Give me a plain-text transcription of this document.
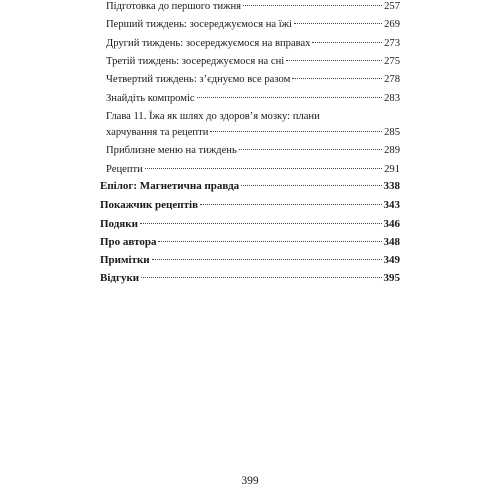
Підготовка до першого тижня	257
Перший тиждень: зосереджуємося на їжі	269
Другий тиждень: зосереджуємося на вправах	273
Третій тиждень: зосереджуємося на сні	275
Четвертий тиждень: з’єднуємо все разом	278
Знайдіть компроміс	283
Глава 11. Їжа як шлях до здоров’я мозку: плани
харчування та рецепти	285
Приблизне меню на тиждень	289
Рецепти	291
Епілог: Магнетична правда	338
Покажчик рецептів	343
Подяки	346
Про автора	348
Примітки	349
Відгуки	395
399
